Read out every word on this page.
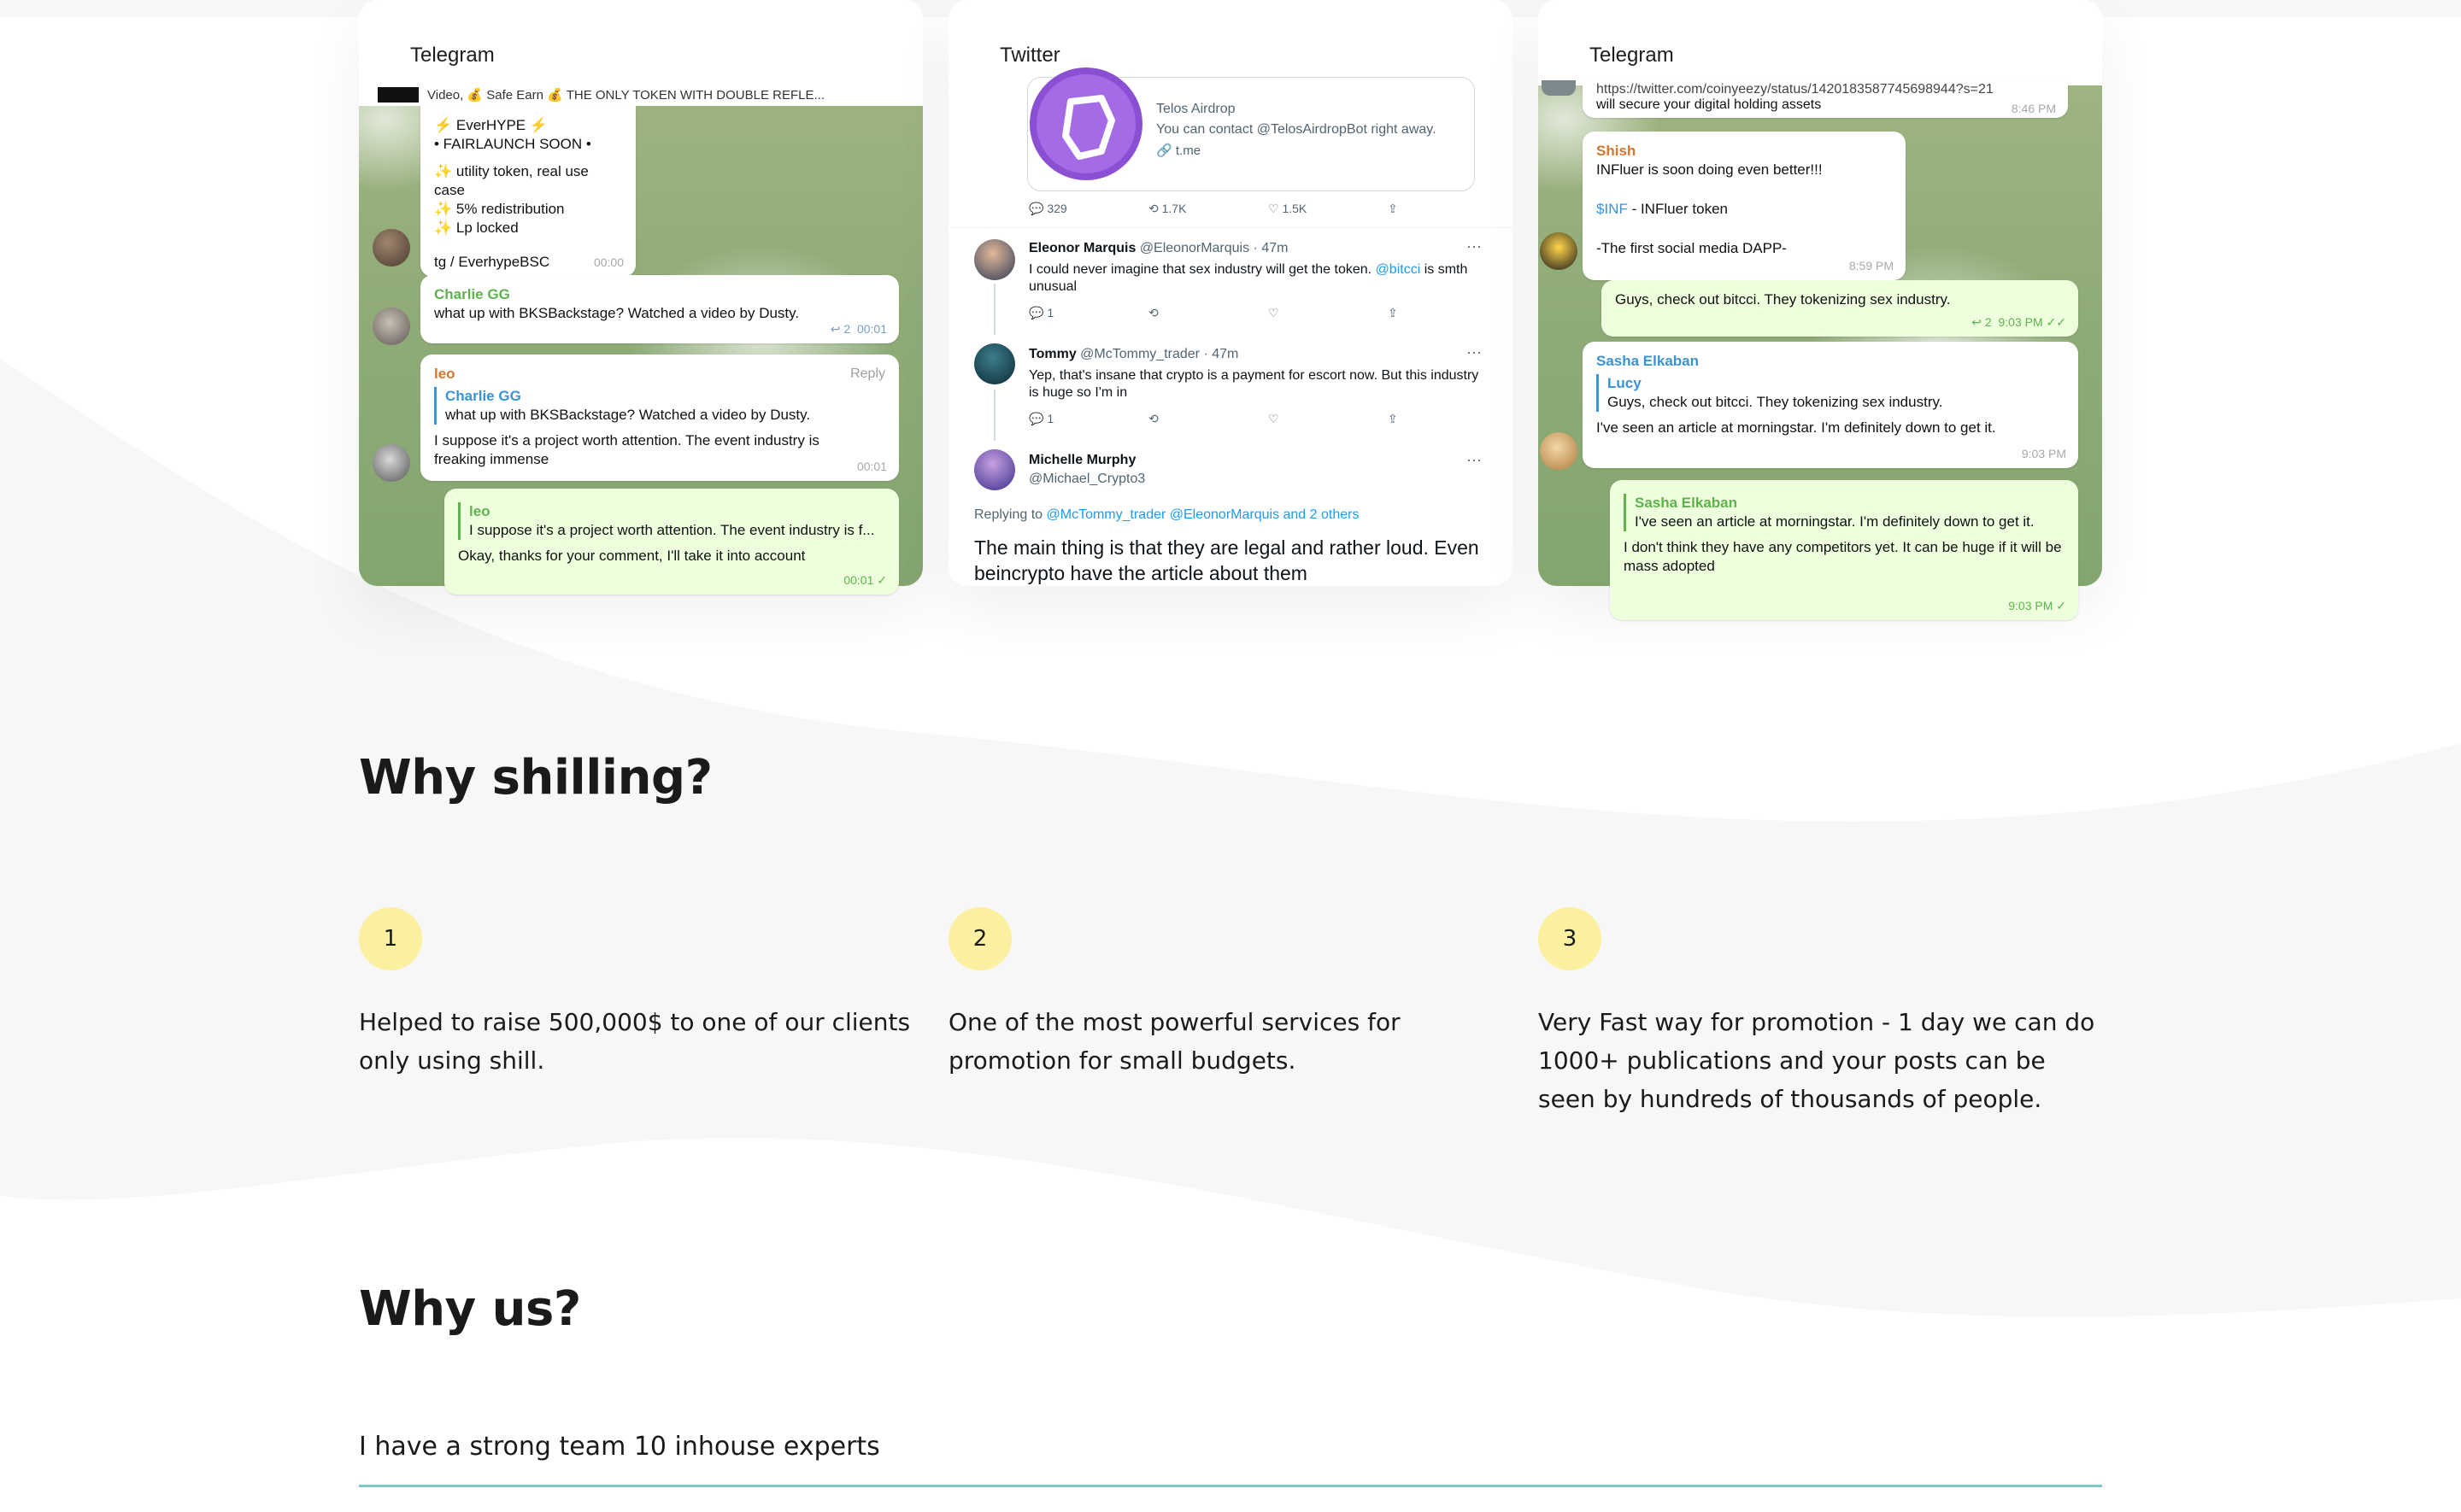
Telegram
Video, 💰 Safe Earn 💰 THE ONLY TOKEN WITH DOUBLE REFLE...
⚡ EverHYPE ⚡
• FAIRLAUNCH SOON •
✨ utility token, real use case
✨ 5% redistribution
✨ Lp locked
tg / EverhypeBSC	00:00
Charlie GG
what up with BKSBackstage? Watched a video by Dusty.
↩ 2 00:01
leo	Reply
Charlie GG
what up with BKSBackstage? Watched a video by Dusty.
I suppose it's a project worth attention. The event industry is freaking immense	00:01
leo
I suppose it's a project worth attention. The event industry is f...
Okay, thanks for your comment, I'll take it into account
00:01 ✓
Twitter
Telos Airdrop
You can contact @TelosAirdropBot right away.
🔗 t.me
💬 329	⟲ 1.7K	♡ 1.5K	⇪
Eleonor Marquis @EleonorMarquis · 47m	···
I could never imagine that sex industry will get the token. @bitcci is smth unusual
💬 1	⟲	♡	⇪
Tommy @McTommy_trader · 47m	···
Yep, that's insane that crypto is a payment for escort now. But this industry is huge so I'm in
💬 1	⟲	♡	⇪
Michelle Murphy
@Michael_Crypto3
···
Replying to @McTommy_trader @EleonorMarquis and 2 others
The main thing is that they are legal and rather loud. Even beincrypto have the article about them
Telegram
https://twitter.com/coinyeezy/status/1420183587745698944?s=21
will secure your digital holding assets	8:46 PM
Shish
INFluer is soon doing even better!!!
$INF - INFluer token
-The first social media DAPP-
8:59 PM
Guys, check out bitcci. They tokenizing sex industry.
↩ 2 9:03 PM ✓✓
Sasha Elkaban
Lucy
Guys, check out bitcci. They tokenizing sex industry.
I've seen an article at morningstar. I'm definitely down to get it.
9:03 PM
Sasha Elkaban
I've seen an article at morningstar. I'm definitely down to get it.
I don't think they have any competitors yet. It can be huge if it will be mass adopted
9:03 PM ✓
Why shilling?
1
Helped to raise 500,000$ to one of our clients only using shill.
2
One of the most powerful services for promotion for small budgets.
3
Very Fast way for promotion - 1 day we can do 1000+ publications and your posts can be seen by hundreds of thousands of people.
Why us?
I have a strong team 10 inhouse experts
